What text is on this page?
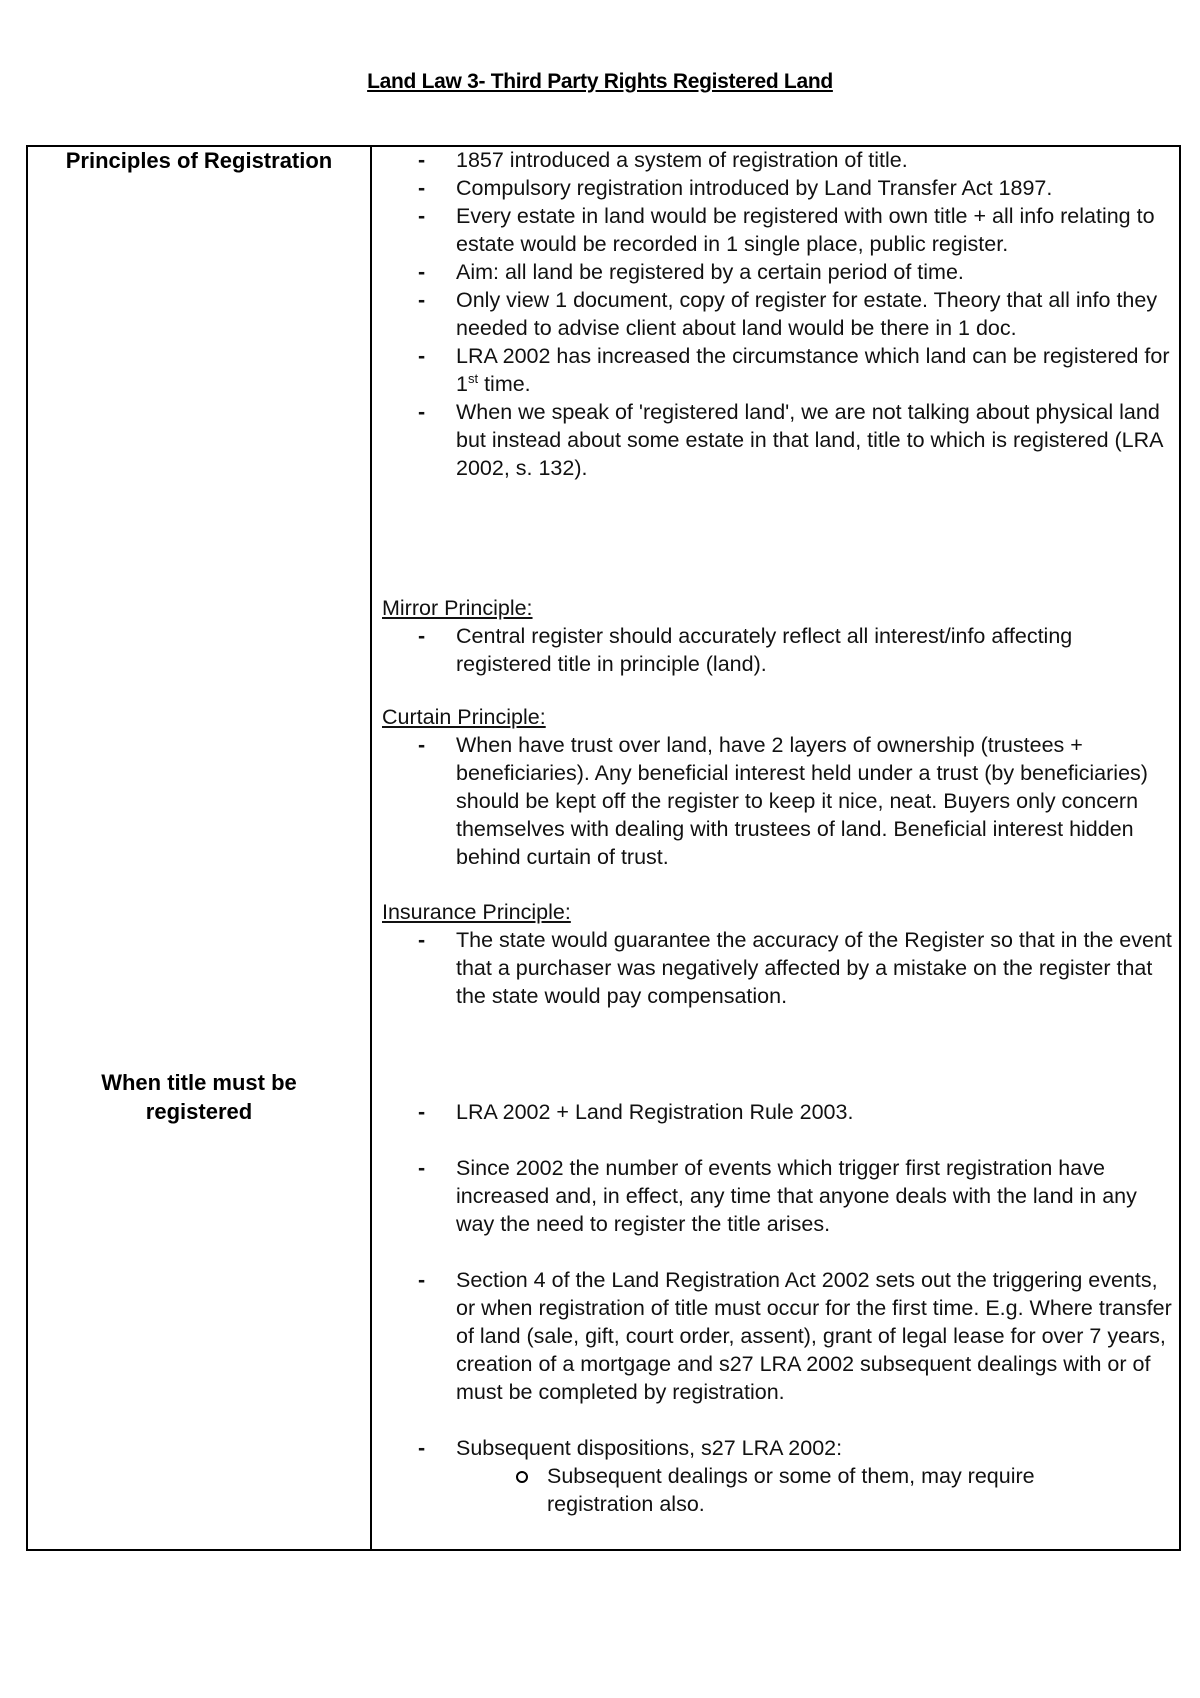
Land Law 3- Third Party Rights Registered Land
Principles of Registration	- 1857 introduced a system of registration of title.
- Compulsory registration introduced by Land Transfer Act 1897.
- Every estate in land would be registered with own title + all info relating to estate would be recorded in 1 single place, public register.
- Aim: all land be registered by a certain period of time.
- Only view 1 document, copy of register for estate. Theory that all info they needed to advise client about land would be there in 1 doc.
- LRA 2002 has increased the circumstance which land can be registered for 1st time.
- When we speak of 'registered land', we are not talking about physical land but instead about some estate in that land, title to which is registered (LRA 2002, s. 132).
Mirror Principle:
- Central register should accurately reflect all interest/info affecting registered title in principle (land).
Curtain Principle:
- When have trust over land, have 2 layers of ownership (trustees + beneficiaries). Any beneficial interest held under a trust (by beneficiaries) should be kept off the register to keep it nice, neat. Buyers only concern themselves with dealing with trustees of land. Beneficial interest hidden behind curtain of trust.
Insurance Principle:
- The state would guarantee the accuracy of the Register so that in the event that a purchaser was negatively affected by a mistake on the register that the state would pay compensation.
When title must be registered	- LRA 2002 + Land Registration Rule 2003.
- Since 2002 the number of events which trigger first registration have increased and, in effect, any time that anyone deals with the land in any way the need to register the title arises.
- Section 4 of the Land Registration Act 2002 sets out the triggering events, or when registration of title must occur for the first time. E.g. Where transfer of land (sale, gift, court order, assent), grant of legal lease for over 7 years, creation of a mortgage and s27 LRA 2002 subsequent dealings with or of must be completed by registration.
- Subsequent dispositions, s27 LRA 2002:
Subsequent dealings or some of them, may require registration also.
